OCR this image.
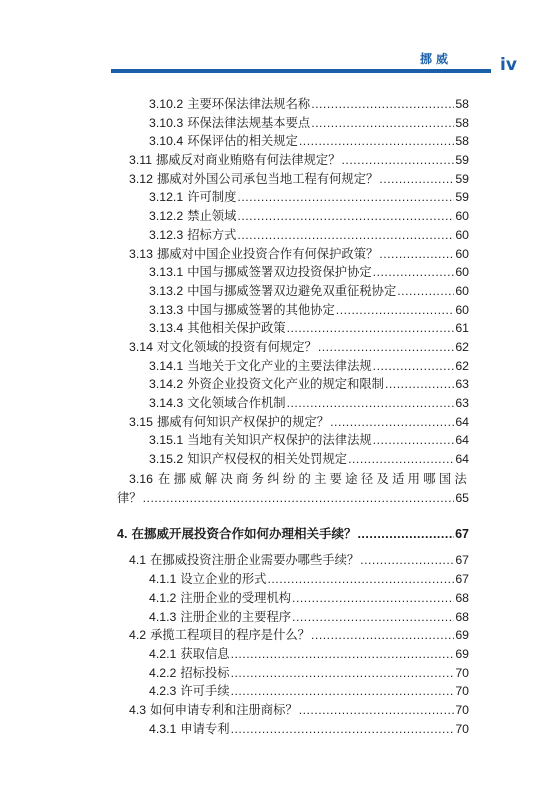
挪威	iv
3.10.2 主要环保法律法规名称 .....	58
3.10.3 环保法律法规基本要点 .....	58
3.10.4 环保评估的相关规定 .....	58
3.11 挪威反对商业贿赂有何法律规定？ .....	59
3.12 挪威对外国公司承包当地工程有何规定？ .....	59
3.12.1 许可制度 .....	59
3.12.2 禁止领域 .....	60
3.12.3 招标方式 .....	60
3.13 挪威对中国企业投资合作有何保护政策？ .....	60
3.13.1 中国与挪威签署双边投资保护协定 .....	60
3.13.2 中国与挪威签署双边避免双重征税协定 .....	60
3.13.3 中国与挪威签署的其他协定 .....	60
3.13.4 其他相关保护政策 .....	61
3.14 对文化领域的投资有何规定？ .....	62
3.14.1 当地关于文化产业的主要法律法规 .....	62
3.14.2 外资企业投资文化产业的规定和限制 .....	63
3.14.3 文化领域合作机制 .....	63
3.15 挪威有何知识产权保护的规定？ .....	64
3.15.1 当地有关知识产权保护的法律法规 .....	64
3.15.2 知识产权侵权的相关处罚规定 .....	64
3.16 在挪威解决商务纠纷的主要途径及适用哪国法
律？ .....	65
4. 在挪威开展投资合作如何办理相关手续？ .....	67
4.1 在挪威投资注册企业需要办哪些手续？ .....	67
4.1.1 设立企业的形式 .....	67
4.1.2 注册企业的受理机构 .....	68
4.1.3 注册企业的主要程序 .....	68
4.2 承揽工程项目的程序是什么？ .....	69
4.2.1 获取信息 .....	69
4.2.2 招标投标 .....	70
4.2.3 许可手续 .....	70
4.3 如何申请专利和注册商标？ .....	70
4.3.1 申请专利 .....	70
